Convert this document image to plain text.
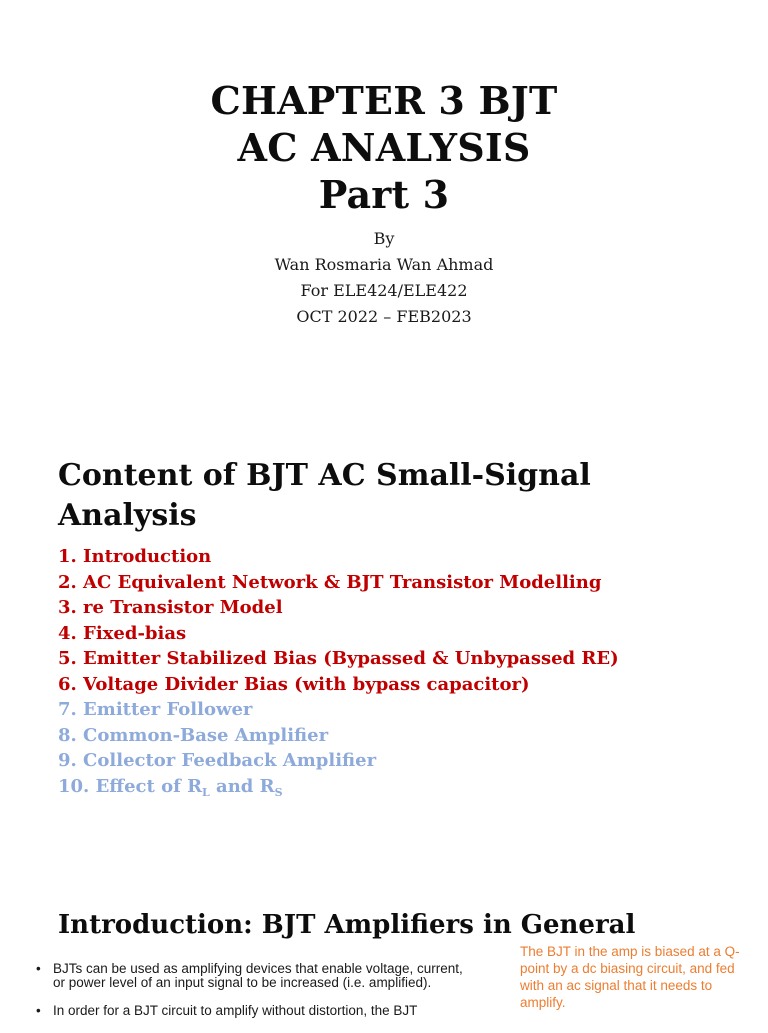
CHAPTER 3 BJT
AC ANALYSIS
Part 3
By
Wan Rosmaria Wan Ahmad
For ELE424/ELE422
OCT 2022 – FEB2023
Content of BJT AC Small-Signal
Analysis
1. Introduction
2. AC Equivalent Network & BJT Transistor Modelling
3. re Transistor Model
4. Fixed-bias
5. Emitter Stabilized Bias (Bypassed & Unbypassed RE)
6. Voltage Divider Bias (with bypass capacitor)
7. Emitter Follower
8. Common-Base Amplifier
9. Collector Feedback Amplifier
10. Effect of $R_L$ and $R_S$
Introduction: BJT Amplifiers in General
The BJT in the amp is biased at a Q-point by a dc biasing circuit, and fed with an ac signal that it needs to amplify.
• BJTs can be used as amplifying devices that enable voltage, current, or power level of an input signal to be increased (i.e. amplified).
• In order for a BJT circuit to amplify without distortion, the BJT
